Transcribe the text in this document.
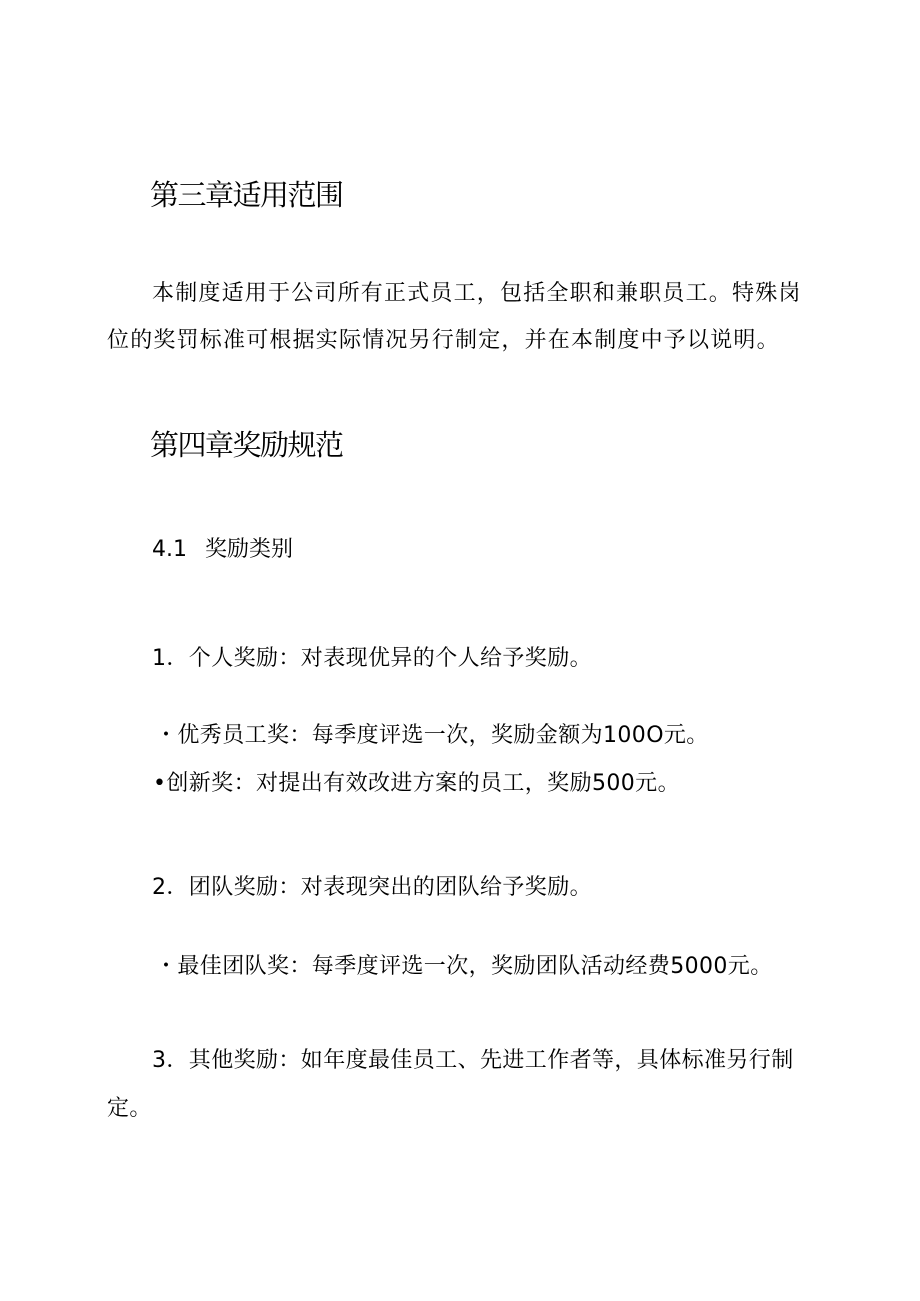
第三章适用范围
本制度适用于公司所有正式员工，包括全职和兼职员工。特殊岗
位的奖罚标准可根据实际情况另行制定，并在本制度中予以说明。
第四章奖励规范
4.1 奖励类别
1．个人奖励：对表现优异的个人给予奖励。
・优秀员工奖：每季度评选一次，奖励金额为100O元。
•创新奖：对提出有效改进方案的员工，奖励500元。
2．团队奖励：对表现突出的团队给予奖励。
・最佳团队奖：每季度评选一次，奖励团队活动经费5000元。
3．其他奖励：如年度最佳员工、先进工作者等，具体标准另行制
定。
